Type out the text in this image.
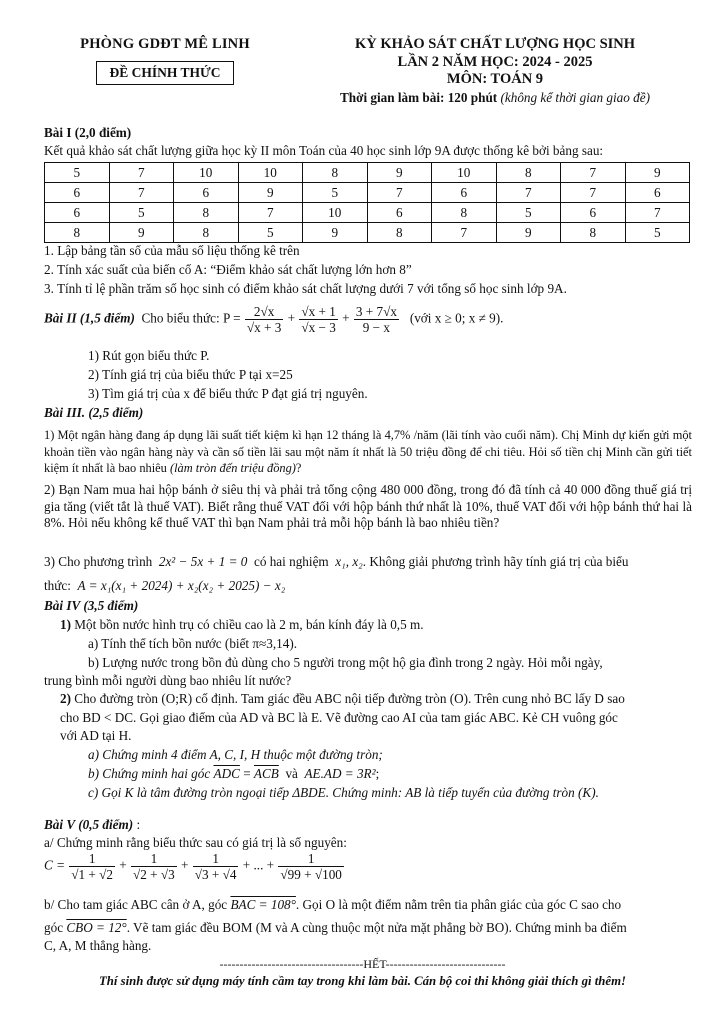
PHÒNG GDĐT MÊ LINH
ĐỀ CHÍNH THỨC
KỲ KHẢO SÁT CHẤT LƯỢNG HỌC SINH
LẦN 2 NĂM HỌC: 2024 - 2025
MÔN: TOÁN 9
Thời gian làm bài: 120 phút (không kể thời gian giao đề)
Bài I (2,0 điểm)
Kết quả khảo sát chất lượng giữa học kỳ II môn Toán của 40 học sinh lớp 9A được thống kê bởi bảng sau:
5	7	10	10	8	9	10	8	7	9
6	7	6	9	5	7	6	7	7	6
6	5	8	7	10	6	8	5	6	7
8	9	8	5	9	8	7	9	8	5
1. Lập bảng tần số của mẫu số liệu thống kê trên
2. Tính xác suất của biến cố A: “Điểm khảo sát chất lượng lớn hơn 8”
3. Tính tỉ lệ phần trăm số học sinh có điểm khảo sát chất lượng dưới 7 với tổng số học sinh lớp 9A.
Bài II (1,5 điểm) Cho biểu thức: $P = \frac{2√x}{√x + 3} + \frac{√x + 1}{√x - 3} + \frac{3 + 7√x}{9 - x}$ (với x ≥ 0; x ≠ 9).
1) Rút gọn biểu thức P.
2) Tính giá trị của biểu thức P tại x=25
3) Tìm giá trị của x để biểu thức P đạt giá trị nguyên.
Bài III. (2,5 điểm)
1) Một ngân hàng đang áp dụng lãi suất tiết kiệm kì hạn 12 tháng là 4,7% /năm (lãi tính vào cuối năm). Chị Minh dự kiến gửi một khoản tiền vào ngân hàng này và cần số tiền lãi sau một năm ít nhất là 50 triệu đồng để chi tiêu. Hỏi số tiền chị Minh cần gửi tiết kiệm ít nhất là bao nhiêu (làm tròn đến triệu đồng)?
2) Bạn Nam mua hai hộp bánh ở siêu thị và phải trả tổng cộng 480 000 đồng, trong đó đã tính cả 40 000 đồng thuế giá trị gia tăng (viết tắt là thuế VAT). Biết rằng thuế VAT đối với hộp bánh thứ nhất là 10%, thuế VAT đối với hộp bánh thứ hai là 8%. Hỏi nếu không kể thuế VAT thì bạn Nam phải trả mỗi hộp bánh là bao nhiêu tiền?
3) Cho phương trình 2x² − 5x + 1 = 0 có hai nghiệm x₁, x₂. Không giải phương trình hãy tính giá trị của biểu
thức: A = x₁(x₁ + 2024) + x₂(x₂ + 2025) − x₂
Bài IV (3,5 điểm)
1) Một bồn nước hình trụ có chiều cao là 2 m, bán kính đáy là 0,5 m.
a) Tính thể tích bồn nước (biết π≈3,14).
b) Lượng nước trong bồn đủ dùng cho 5 người trong một hộ gia đình trong 2 ngày. Hỏi mỗi ngày,
trung bình mỗi người dùng bao nhiêu lít nước?
2) Cho đường tròn (O;R) cố định. Tam giác đều ABC nội tiếp đường tròn (O). Trên cung nhỏ BC lấy D sao
cho BD < DC. Gọi giao điểm của AD và BC là E. Vẽ đường cao AI của tam giác ABC. Kẻ CH vuông góc
với AD tại H.
a) Chứng minh 4 điểm A, C, I, H thuộc một đường tròn;
b) Chứng minh hai góc $\overline{ADC} = \overline{ACB}$ và AE.AD = 3R²;
c) Gọi K là tâm đường tròn ngoại tiếp ΔBDE. Chứng minh: AB là tiếp tuyến của đường tròn (K).
Bài V (0,5 điểm) :
a/ Chứng minh rằng biểu thức sau có giá trị là số nguyên:
$C = \frac{1}{√1 + √2} + \frac{1}{√2 + √3} + \frac{1}{√3 + √4}$ + ... + $\frac{1}{√99 + √100}$
b/ Cho tam giác ABC cân ở A, góc BAC = 108°. Gọi O là một điểm nằm trên tia phân giác của góc C sao cho
góc CBO = 12°. Vẽ tam giác đều BOM (M và A cùng thuộc một nửa mặt phẳng bờ BO). Chứng minh ba điểm
C, A, M thẳng hàng.
------------------------------------HẾT------------------------------
Thí sinh được sử dụng máy tính cầm tay trong khi làm bài. Cán bộ coi thi không giải thích gì thêm!
